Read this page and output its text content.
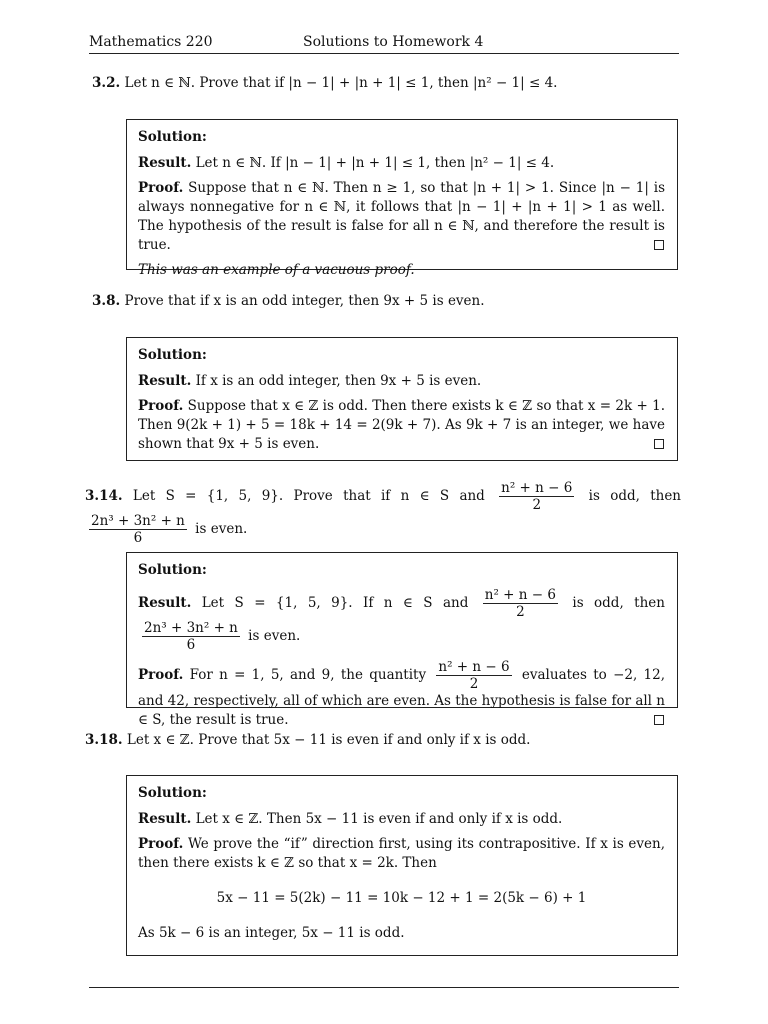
Mathematics 220	Solutions to Homework 4
3.2. Let n ∈ ℕ. Prove that if |n − 1| + |n + 1| ≤ 1, then |n² − 1| ≤ 4.
Solution:
Result. Let n ∈ ℕ. If |n − 1| + |n + 1| ≤ 1, then |n² − 1| ≤ 4.
Proof. Suppose that n ∈ ℕ. Then n ≥ 1, so that |n + 1| > 1. Since |n − 1| is always nonnegative for n ∈ ℕ, it follows that |n − 1| + |n + 1| > 1 as well. The hypothesis of the result is false for all n ∈ ℕ, and therefore the result is true.
This was an example of a vacuous proof.
3.8. Prove that if x is an odd integer, then 9x + 5 is even.
Solution:
Result. If x is an odd integer, then 9x + 5 is even.
Proof. Suppose that x ∈ ℤ is odd. Then there exists k ∈ ℤ so that x = 2k + 1. Then 9(2k + 1) + 5 = 18k + 14 = 2(9k + 7). As 9k + 7 is an integer, we have shown that 9x + 5 is even.
3.14. Let S = {1, 5, 9}. Prove that if n ∈ S and $\frac{\text{n² + n − 6}}{2}$ is odd, then
$\frac{\text{2n³ + 3n² + n}}{6}$ is even.
Solution:
Result. Let S = {1, 5, 9}. If n ∈ S and $\frac{\text{n² + n − 6}}{2}$ is odd, then
$\frac{\text{2n³ + 3n² + n}}{6}$ is even.
Proof. For n = 1, 5, and 9, the quantity $\frac{\text{n² + n − 6}}{2}$ evaluates to −2, 12, and 42, respectively, all of which are even. As the hypothesis is false for all n ∈ S, the result is true.
3.18. Let x ∈ ℤ. Prove that 5x − 11 is even if and only if x is odd.
Solution:
Result. Let x ∈ ℤ. Then 5x − 11 is even if and only if x is odd.
Proof. We prove the “if” direction first, using its contrapositive. If x is even, then there exists k ∈ ℤ so that x = 2k. Then
5x − 11 = 5(2k) − 11 = 10k − 12 + 1 = 2(5k − 6) + 1
As 5k − 6 is an integer, 5x − 11 is odd.
